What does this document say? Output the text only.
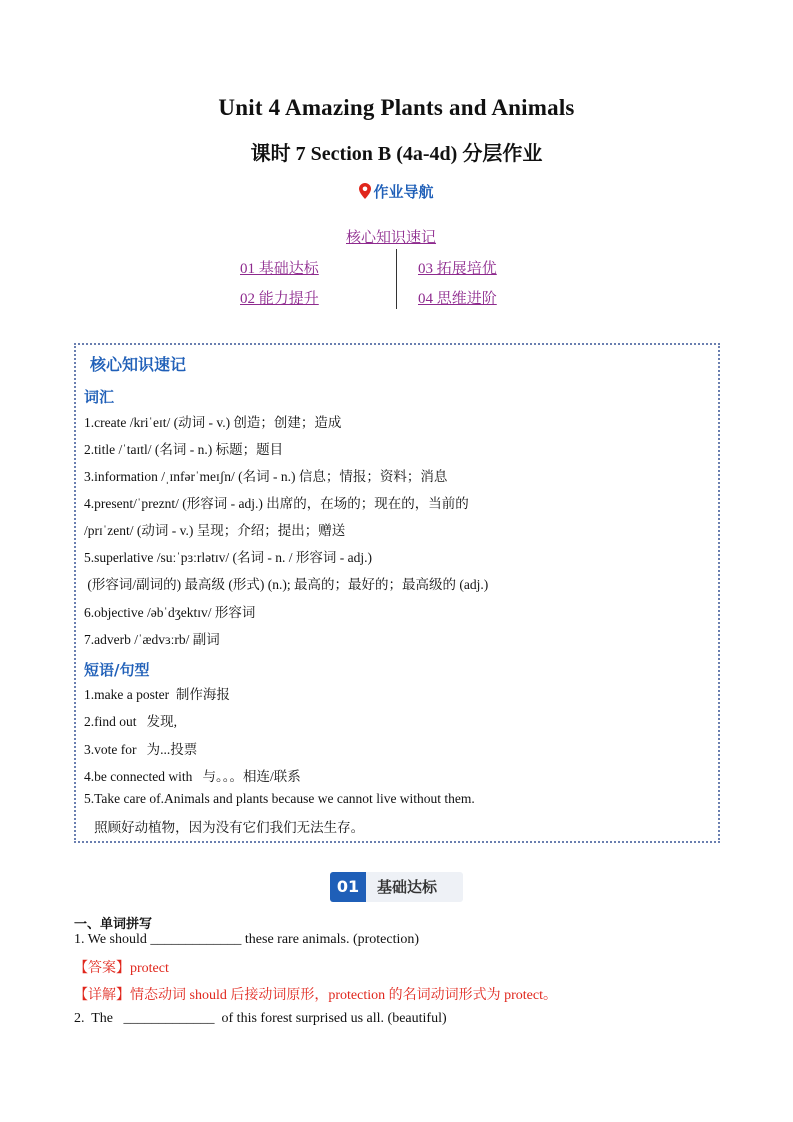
Unit 4 Amazing Plants and Animals
课时 7 Section B (4a-4d) 分层作业
作业导航
核心知识速记
01 基础达标	03 拓展培优
02 能力提升	04 思维进阶
核心知识速记
词汇
1.create /kriˈeɪt/ (动词 - v.) 创造；创建；造成
2.title /ˈtaɪtl/ (名词 - n.) 标题；题目
3.information /ˌɪnfərˈmeɪʃn/ (名词 - n.) 信息；情报；资料；消息
4.present/ˈpreznt/ (形容词 - adj.) 出席的，在场的；现在的，当前的
/prɪˈzent/ (动词 - v.) 呈现；介绍；提出；赠送
5.superlative /suːˈpɜːrlətɪv/ (名词 - n. / 形容词 - adj.)
(形容词/副词的) 最高级 (形式) (n.); 最高的；最好的；最高级的 (adj.)
6.objective /əbˈdʒektɪv/ 形容词
7.adverb /ˈædvɜːrb/ 副词
短语/句型
1.make a poster  制作海报
2.find out   发现,
3.vote for   为...投票
4.be connected with   与。。。相连/联系
5.Take care of.Animals and plants because we cannot live without them.
照顾好动植物，因为没有它们我们无法生存。
01	基础达标
一、单词拼写
1. We should _____________ these rare animals. (protection)
【答案】protect
【详解】情态动词 should 后接动词原形，protection 的名词动词形式为 protect。
2.  The   _____________  of this forest surprised us all. (beautiful)
